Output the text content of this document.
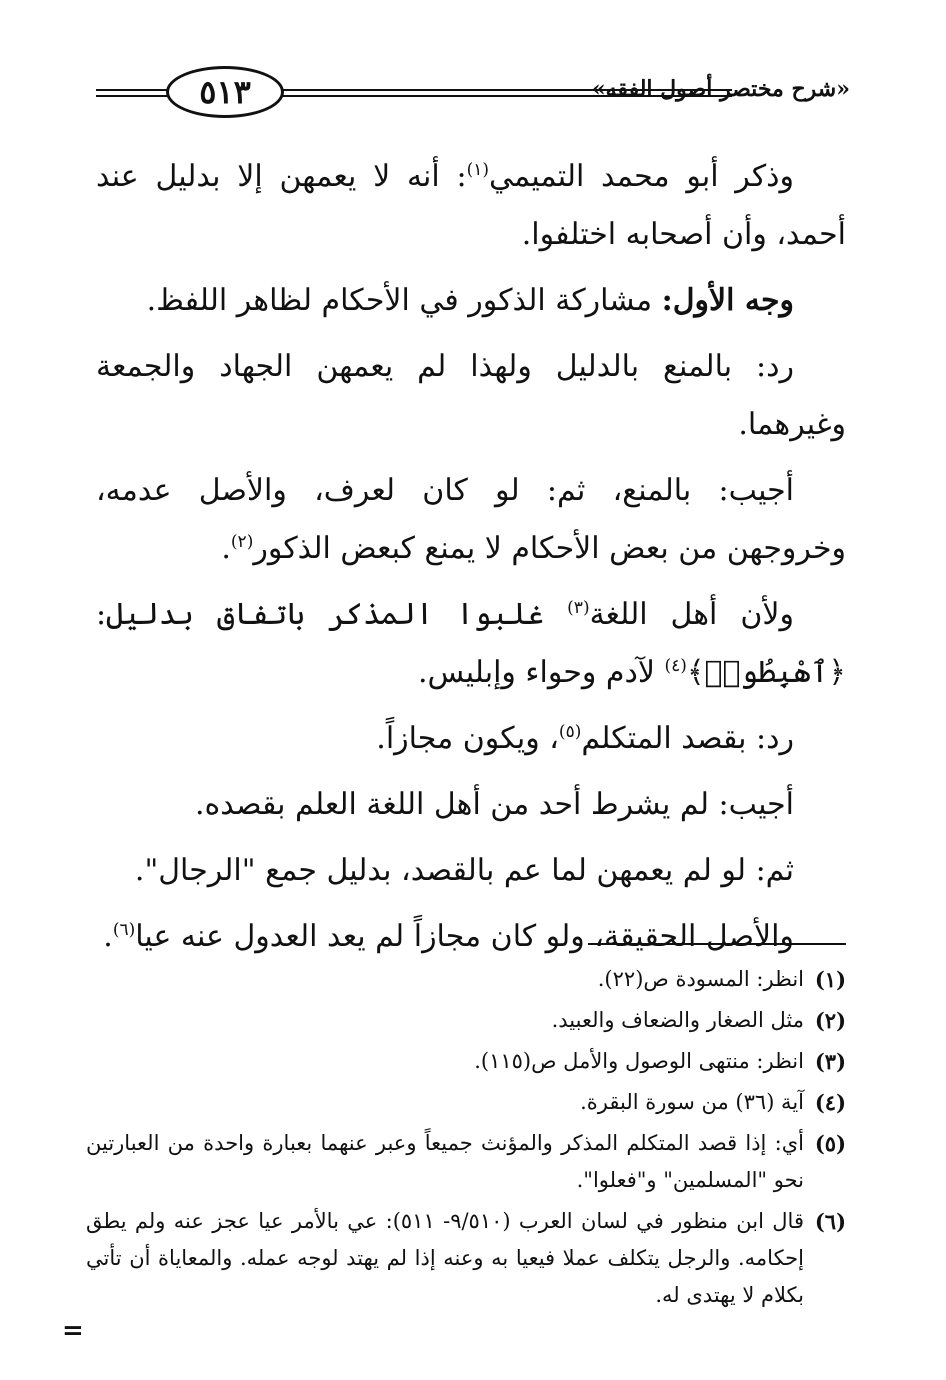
٥١٣	«شرح مختصر أصول الفقه»

وذكر أبو محمد التميمي$^{(١)}$: أنه لا يعمهن إلا بدليل عند أحمد، وأن أصحابه اختلفوا.

وجه الأول: مشاركة الذكور في الأحكام لظاهر اللفظ.

رد: بالمنع بالدليل ولهذا لم يعمهن الجهاد والجمعة وغيرهما.

أجيب: بالمنع، ثم: لو كان لعرف، والأصل عدمه، وخروجهن من بعض الأحكام لا يمنع كبعض الذكور$^{(٢)}$.

ولأن أهل اللغة$^{(٣)}$ غلبوا المذكر باتفاق بدليل: ﴿ٱهْبِطُوا۟﴾$^{(٤)}$ لآدم وحواء وإبليس.

رد: بقصد المتكلم$^{(٥)}$، ويكون مجازاً.

أجيب: لم يشرط أحد من أهل اللغة العلم بقصده.

ثم: لو لم يعمهن لما عم بالقصد، بدليل جمع "الرجال".

والأصل الحقيقة، ولو كان مجازاً لم يعد العدول عنه عيا$^{(٦)}$.

(١)
انظر: المسودة ص(٢٢).

(٢)
مثل الصغار والضعاف والعبيد.

(٣)
انظر: منتهى الوصول والأمل ص(١١٥).

(٤)
آية (٣٦) من سورة البقرة.

(٥)
أي: إذا قصد المتكلم المذكر والمؤنث جميعاً وعبر عنهما بعبارة واحدة من العبارتين نحو "المسلمين" و"فعلوا".

(٦)
قال ابن منظور في لسان العرب (٩/٥١٠- ٥١١): عي بالأمر عيا عجز عنه ولم يطق إحكامه. والرجل يتكلف عملا فيعيا به وعنه إذا لم يهتد لوجه عمله. والمعاياة أن تأتي بكلام لا يهتدى له.

=
